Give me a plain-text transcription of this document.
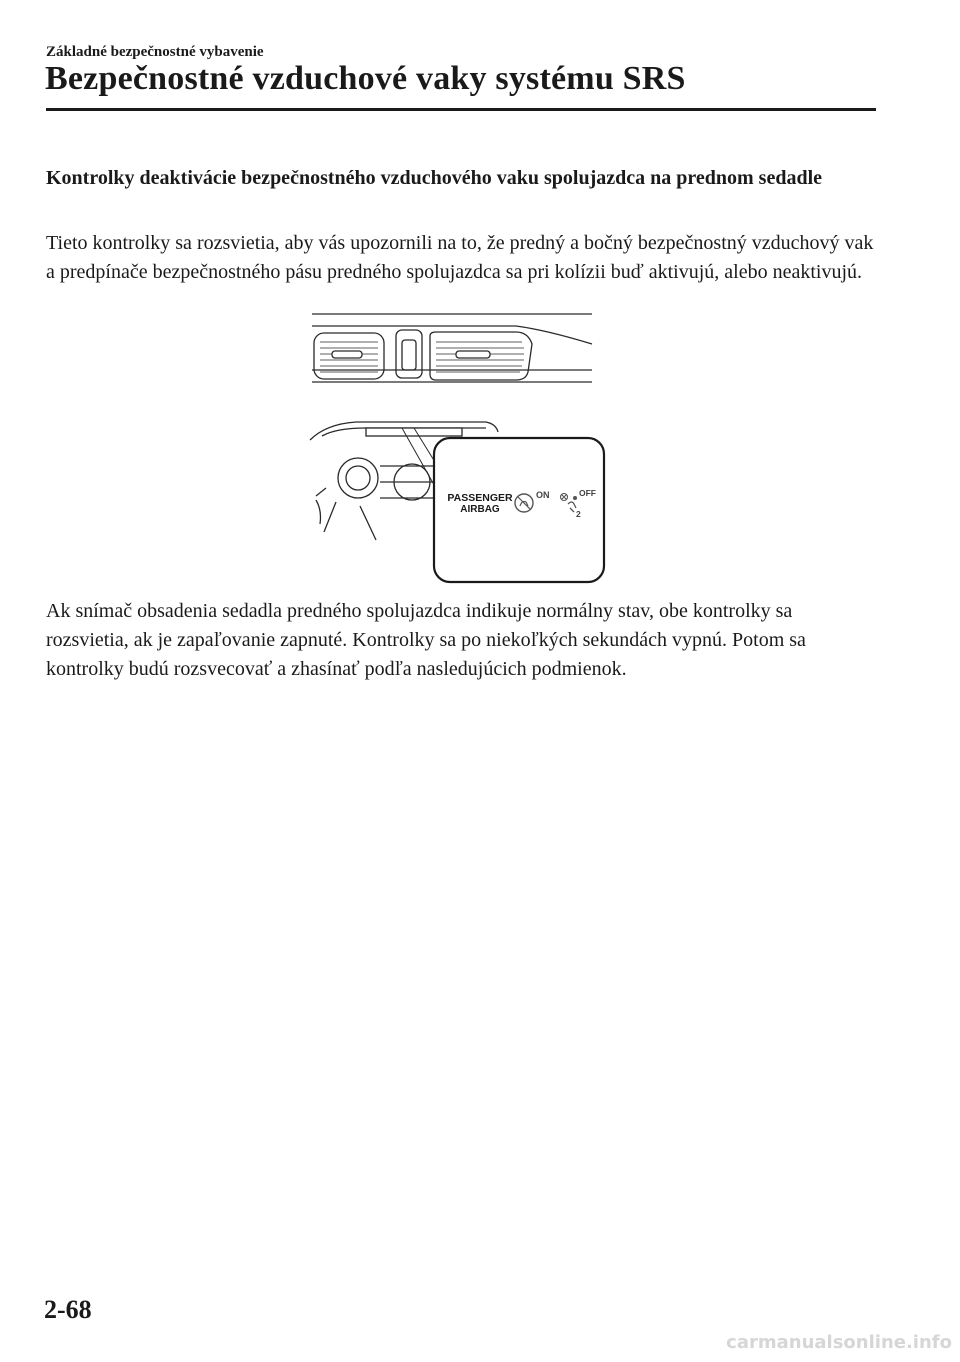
Základné bezpečnostné vybavenie

Bezpečnostné vzduchové vaky systému SRS
Kontrolky deaktivácie bezpečnostného vzduchového vaku spolujazdca na prednom sedadle

Tieto kontrolky sa rozsvietia, aby vás upozornili na to, že predný a bočný bezpečnostný vzduchový vak a predpínače bezpečnostného pásu predného spolujazdca sa pri kolízii buď aktivujú, alebo neaktivujú.

PASSENGER
AIRBAG
ON	OFF
2

Ak snímač obsadenia sedadla predného spolujazdca indikuje normálny stav, obe kontrolky sa rozsvietia, ak je zapaľovanie zapnuté. Kontrolky sa po niekoľkých sekundách vypnú. Potom sa kontrolky budú rozsvecovať a zhasínať podľa nasledujúcich podmienok.

2-68

carmanualsonline.info
